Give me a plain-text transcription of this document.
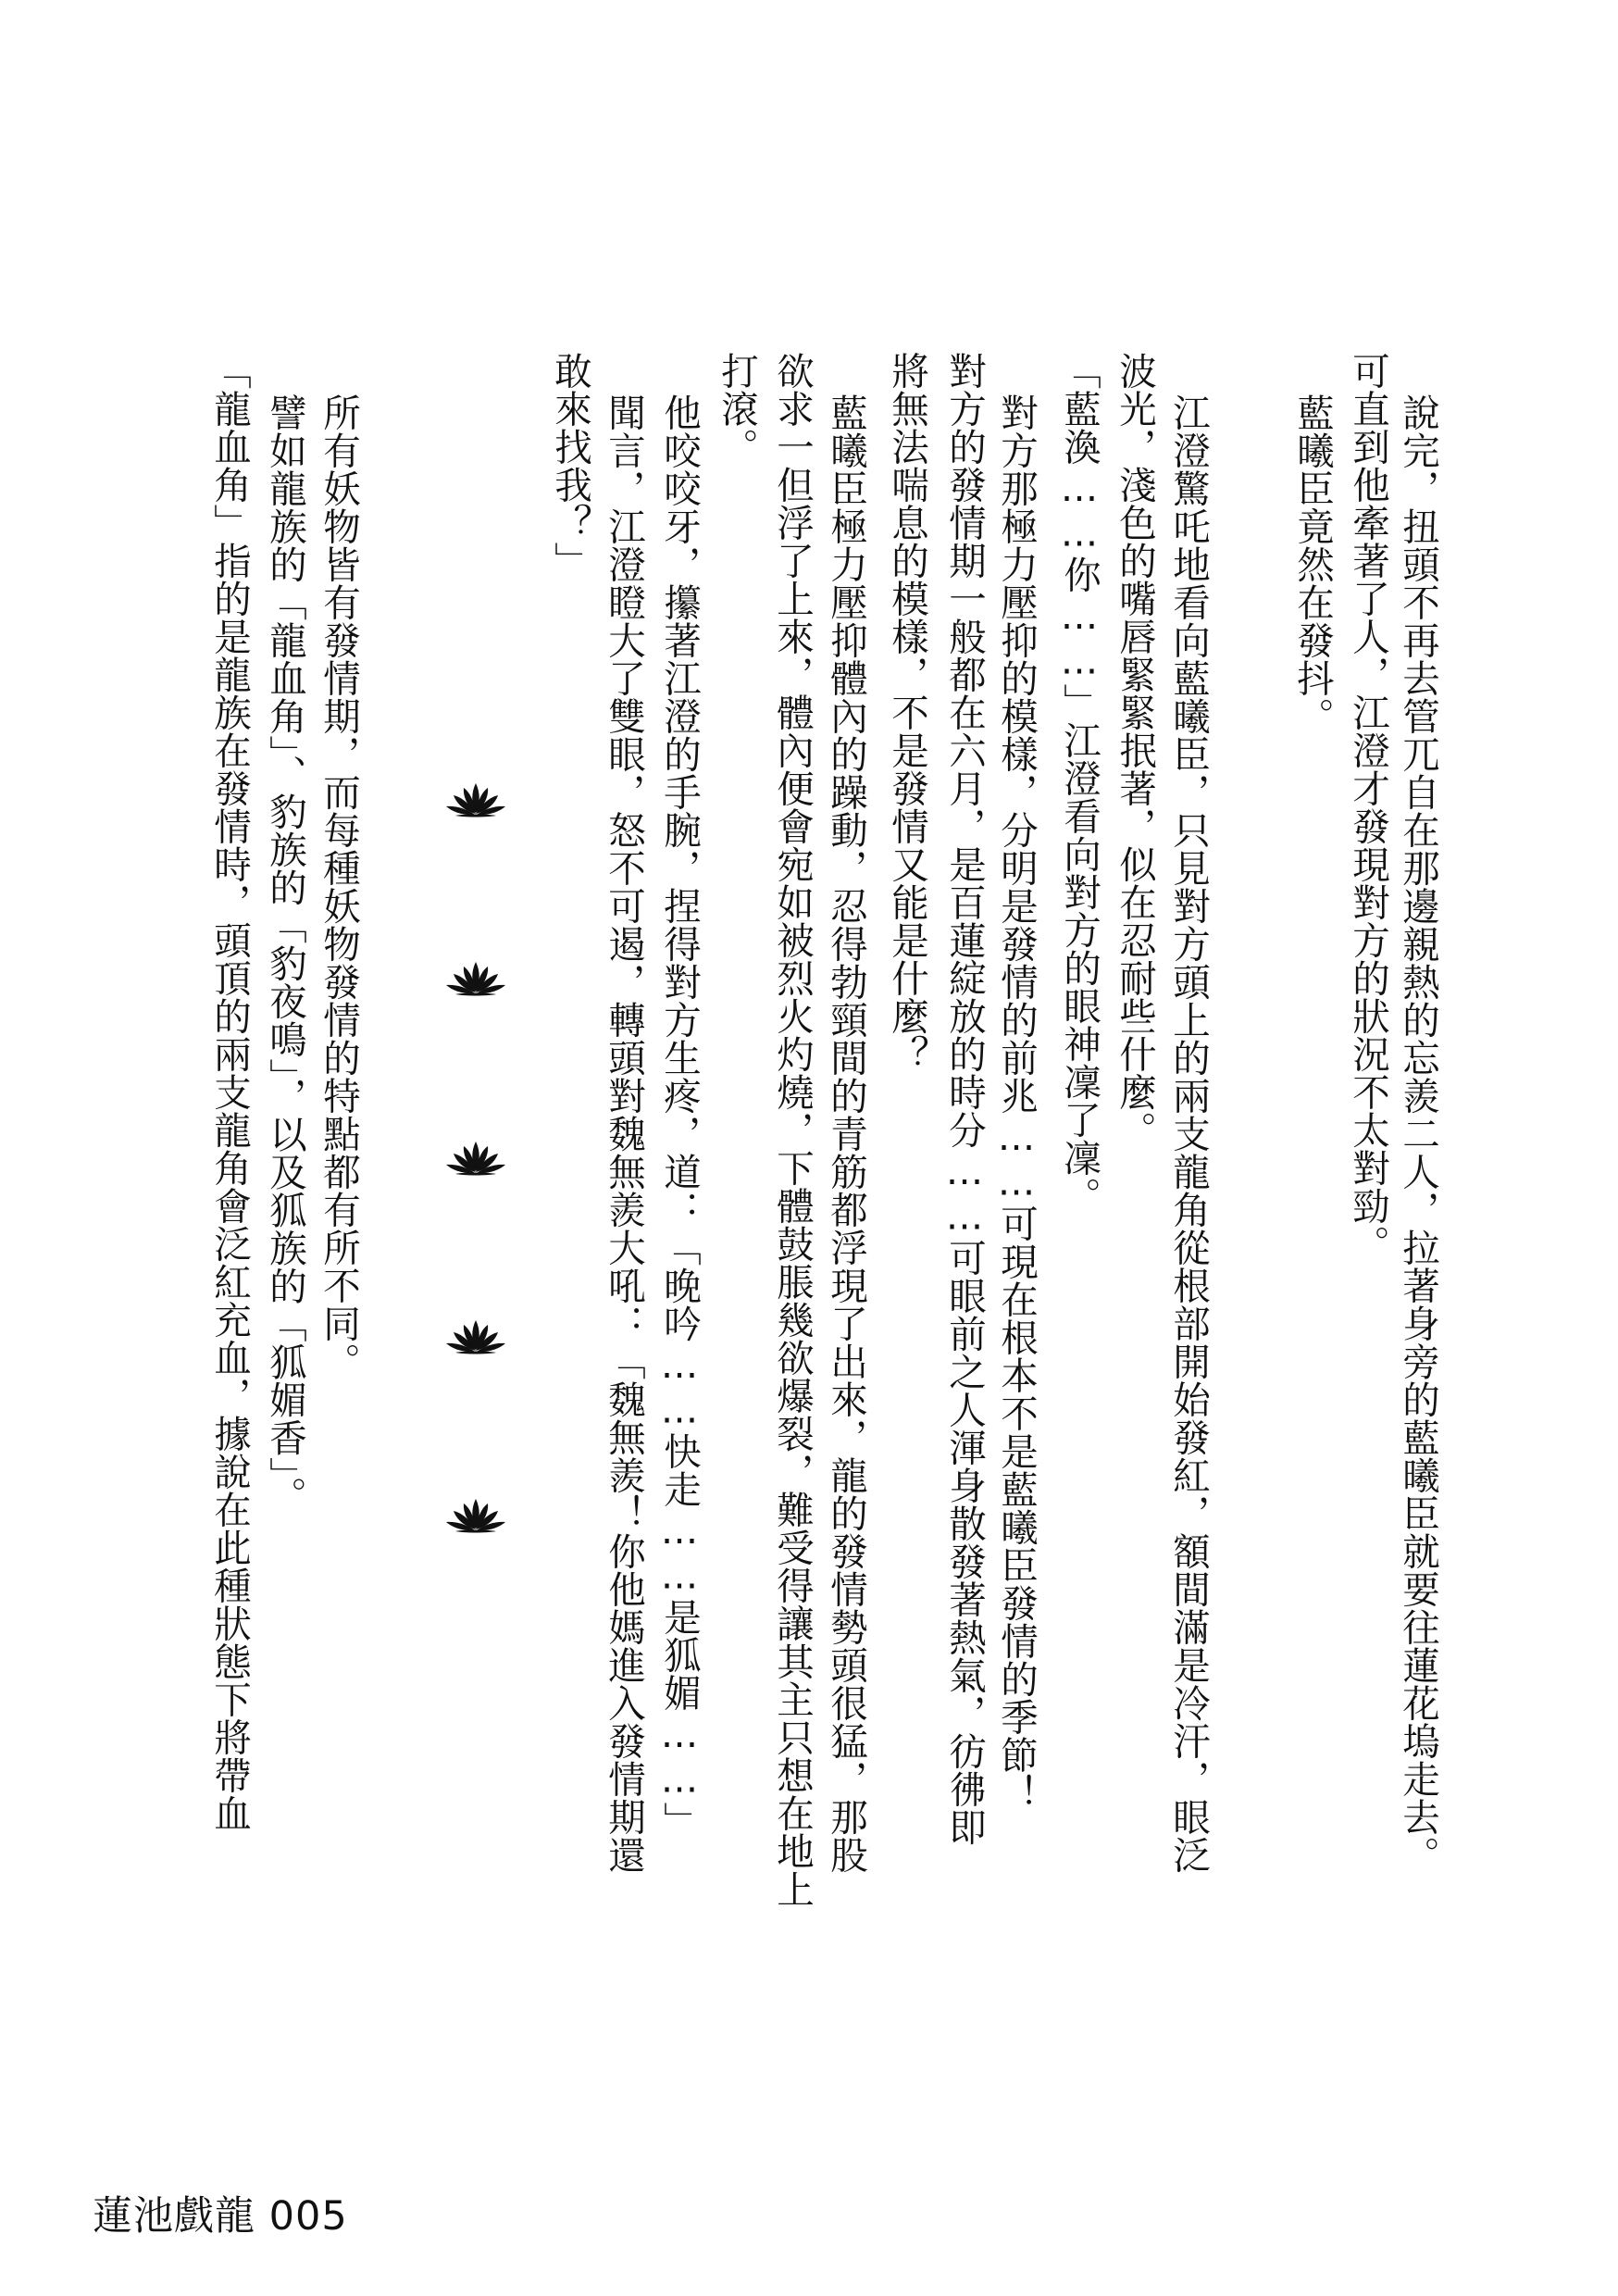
說完，扭頭不再去管兀自在那邊親熱的忘羨二人，拉著身旁的藍曦臣就要往蓮花塢走去。
可直到他牽著了人，江澄才發現對方的狀況不太對勁。
藍曦臣竟然在發抖。
江澄驚吒地看向藍曦臣，只見對方頭上的兩支龍角從根部開始發紅，額間滿是冷汗，眼泛
波光，淺色的嘴唇緊緊抿著，似在忍耐些什麼。
「藍渙……你……」江澄看向對方的眼神凜了凜。
對方那極力壓抑的模樣，分明是發情的前兆……可現在根本不是藍曦臣發情的季節！
對方的發情期一般都在六月，是百蓮綻放的時分……可眼前之人渾身散發著熱氣，彷彿即
將無法喘息的模樣，不是發情又能是什麼？
藍曦臣極力壓抑體內的躁動，忍得勃頸間的青筋都浮現了出來，龍的發情勢頭很猛，那股
欲求一但浮了上來，體內便會宛如被烈火灼燒，下體鼓脹幾欲爆裂，難受得讓其主只想在地上
打滾。
他咬咬牙，攥著江澄的手腕，捏得對方生疼，道：「晚吟……快走……是狐媚……」
聞言，江澄瞪大了雙眼，怒不可遏，轉頭對魏無羨大吼：「魏無羨！你他媽進入發情期還
敢來找我？」
所有妖物皆有發情期，而每種妖物發情的特點都有所不同。
譬如龍族的「龍血角」、豹族的「豹夜鳴」，以及狐族的「狐媚香」。
「龍血角」指的是龍族在發情時，頭頂的兩支龍角會泛紅充血，據說在此種狀態下將帶血
蓮池戲龍 005
